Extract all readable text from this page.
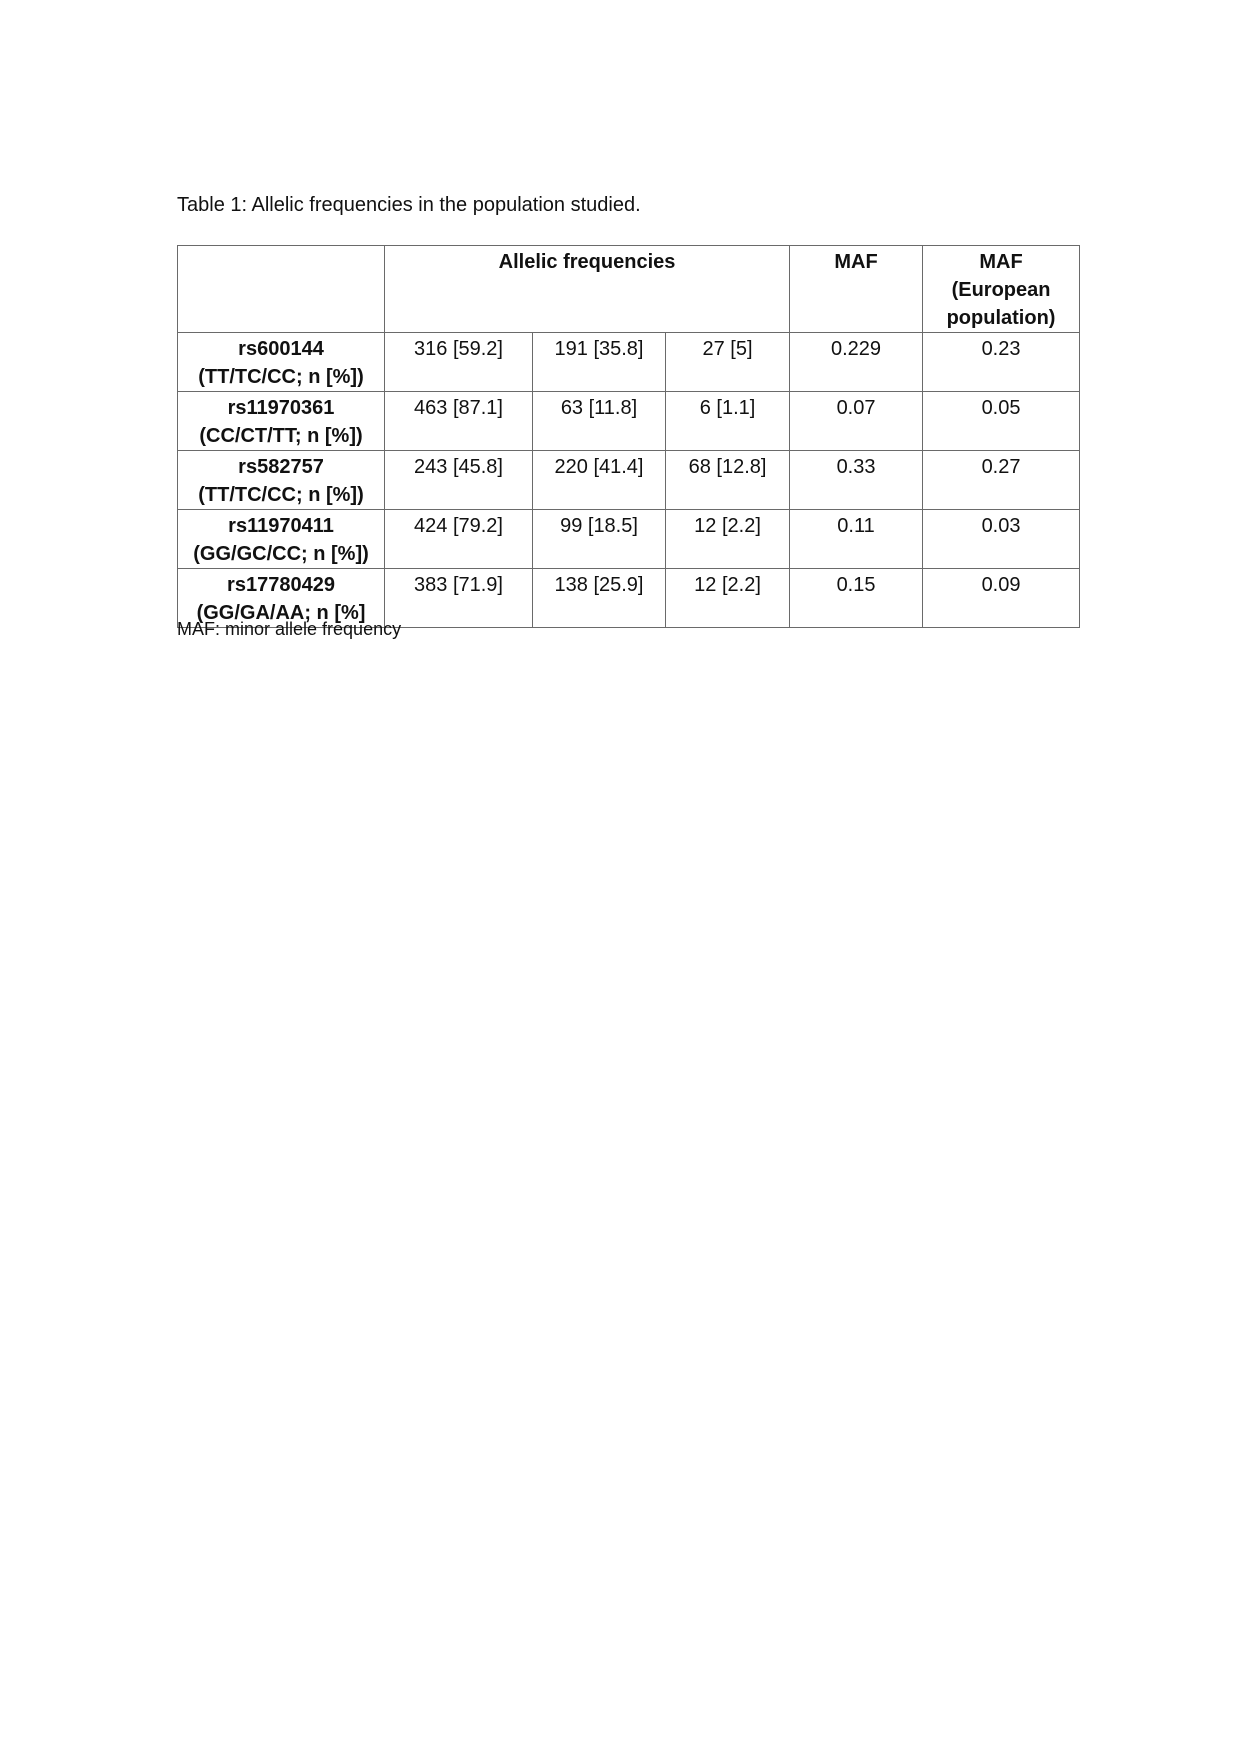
Table 1: Allelic frequencies in the population studied.
	Allelic frequencies			MAF	MAF
(European
population)

rs600144
(TT/TC/CC; n [%])	316 [59.2]	191 [35.8]	27 [5]	0.229	0.23

rs11970361
(CC/CT/TT; n [%])	463 [87.1]	63 [11.8]	6 [1.1]	0.07	0.05

rs582757
(TT/TC/CC; n [%])	243 [45.8]	220 [41.4]	68 [12.8]	0.33	0.27

rs11970411
(GG/GC/CC; n [%])	424 [79.2]	99 [18.5]	12 [2.2]	0.11	0.03

rs17780429
(GG/GA/AA; n [%]	383 [71.9]	138 [25.9]	12 [2.2]	0.15	0.09
MAF: minor allele frequency
